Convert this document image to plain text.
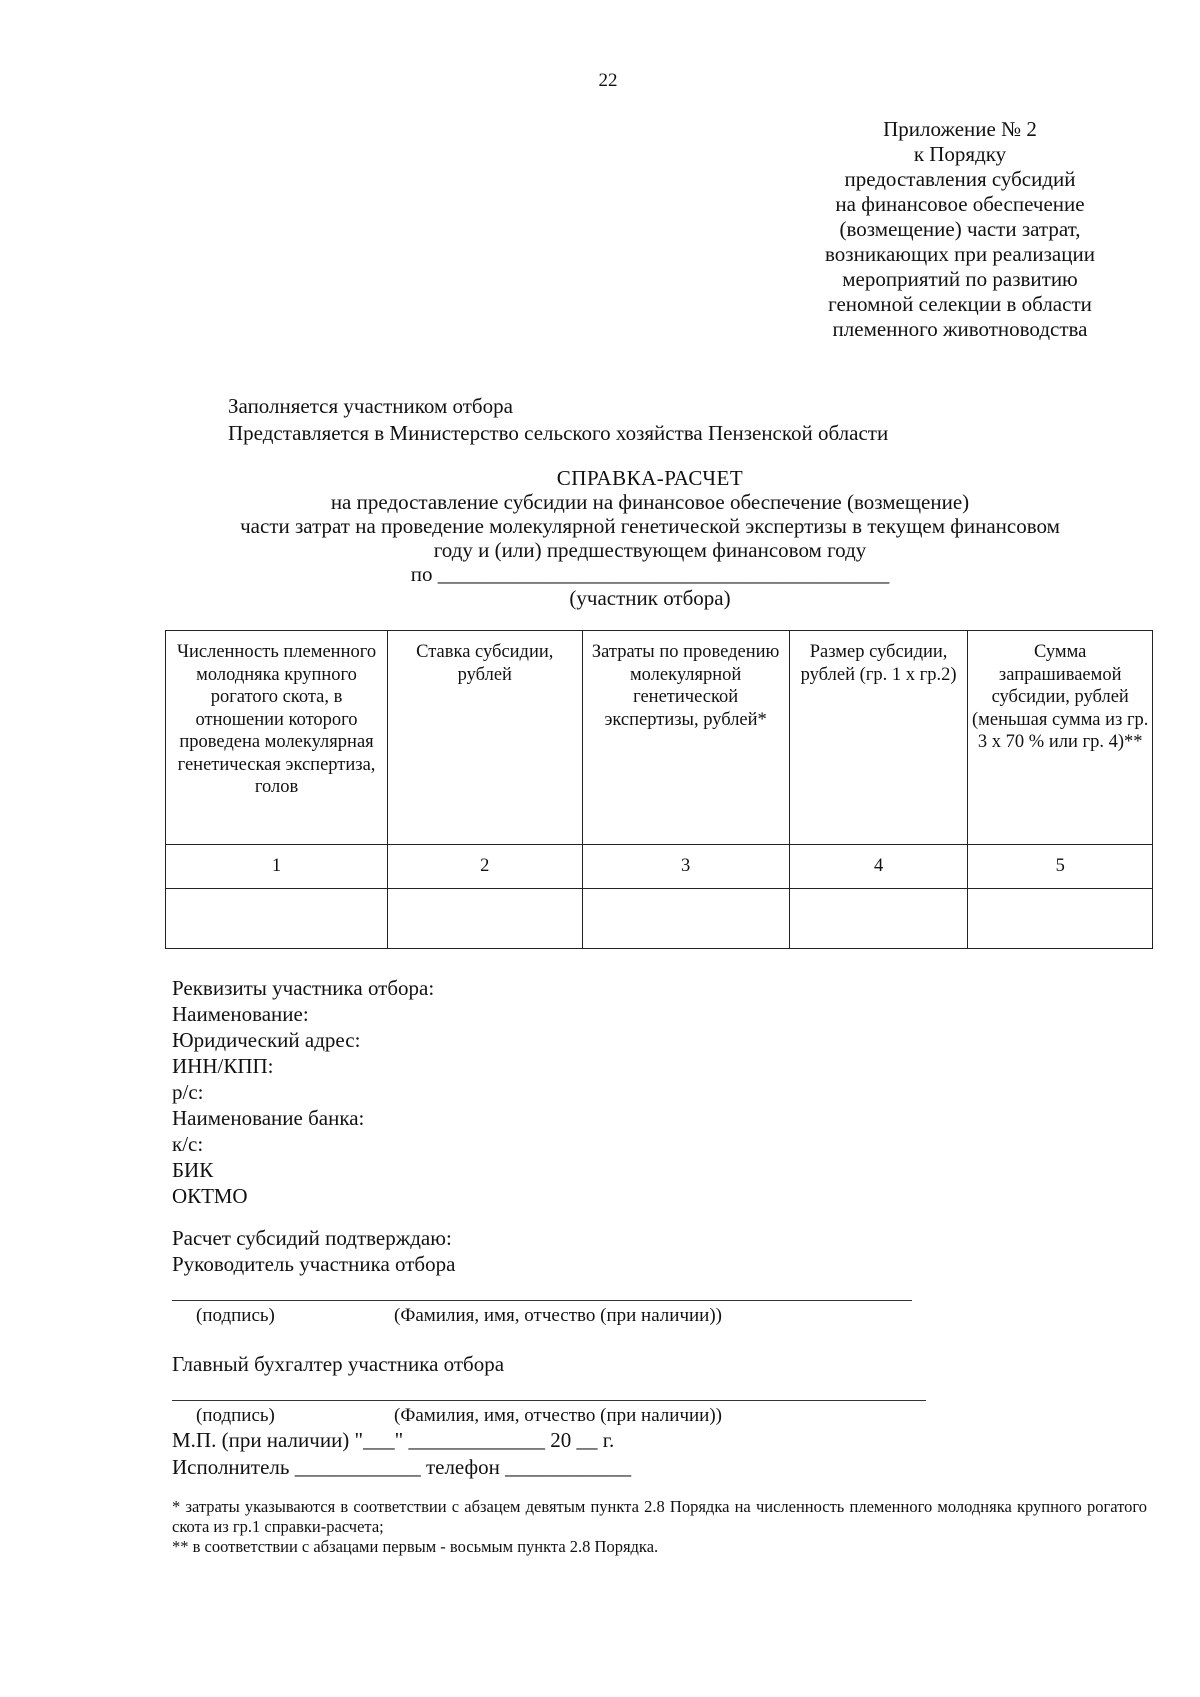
22
Приложение № 2
к Порядку
предоставления субсидий
на финансовое обеспечение
(возмещение) части затрат,
возникающих при реализации
мероприятий по развитию
геномной селекции в области
племенного животноводства
Заполняется участником отбора
Представляется в Министерство сельского хозяйства Пензенской области
СПРАВКА-РАСЧЕТ
на предоставление субсидии на финансовое обеспечение (возмещение)
части затрат на проведение молекулярной генетической экспертизы в текущем финансовом
году и (или) предшествующем финансовом году
по ___________________________________________
(участник отбора)
Численность племенного молодняка крупного рогатого скота, в отношении которого проведена молекулярная генетическая экспертиза, голов	Ставка субсидии, рублей	Затраты по проведению молекулярной генетической экспертизы, рублей*	Размер субсидии, рублей (гр. 1 х гр.2)	Сумма запрашиваемой субсидии, рублей (меньшая сумма из гр. 3 х 70 % или гр. 4)**
1	2	3	4	5

Реквизиты участника отбора:
Наименование:
Юридический адрес:
ИНН/КПП:
р/с:
Наименование банка:
к/с:
БИК
ОКТМО
Расчет субсидий подтверждаю:
Руководитель участника отбора
(подпись)	(Фамилия, имя, отчество (при наличии))
Главный бухгалтер участника отбора
(подпись)	(Фамилия, имя, отчество (при наличии))
М.П. (при наличии) "___" _____________ 20 __ г.
Исполнитель ____________ телефон ____________
* затраты указываются в соответствии с абзацем девятым пункта 2.8 Порядка на численность племенного молодняка крупного рогатого скота из гр.1 справки-расчета;
** в соответствии с абзацами первым - восьмым пункта 2.8 Порядка.
